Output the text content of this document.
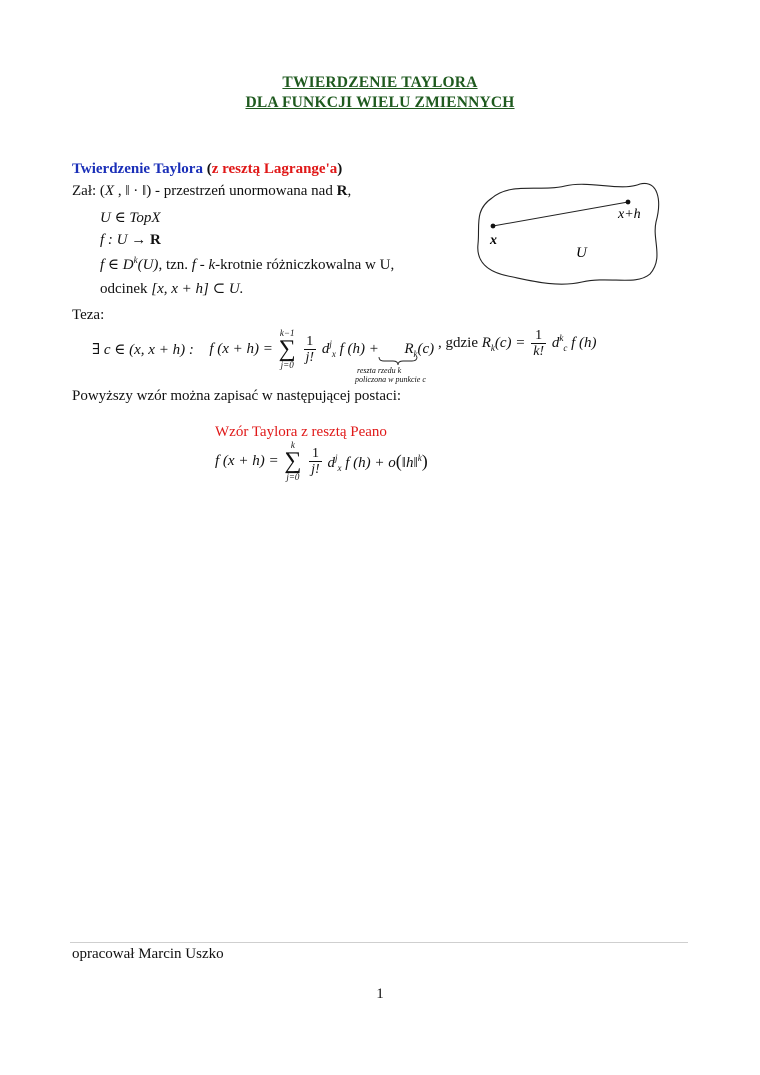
TWIERDZENIE TAYLORA
DLA FUNKCJI WIELU ZMIENNYCH
Twierdzenie Taylora (z resztą Lagrange'a)
Zał: (X , ‖ · ‖) - przestrzeń unormowana nad R,
U ∈ TopX
f : U → R
f ∈ $D^k(U)$, tzn. f - k-krotnie różniczkowalna w U,
odcinek [x, x + h] ⊂ U.
x
x+h
U
Teza:
∃ c ∈ (x, x + h) : f (x + h) =
k−1
∑
j=0

$\frac{1}{j!} d^j_x$ f $(h) + R_k(c)$
reszta rzedu k
policzona w punkcie c
, gdzie $R_k(c) = \frac{1}{k!} d^k_c$ f (h)
Powyższy wzór można zapisać w następującej postaci:
Wzór Taylora z resztą Peano
f (x + h) =
k
∑
j=0

$\frac{1}{j!} d^j_x$ f (h) + o(‖h‖$^k$)
opracował Marcin Uszko
1
